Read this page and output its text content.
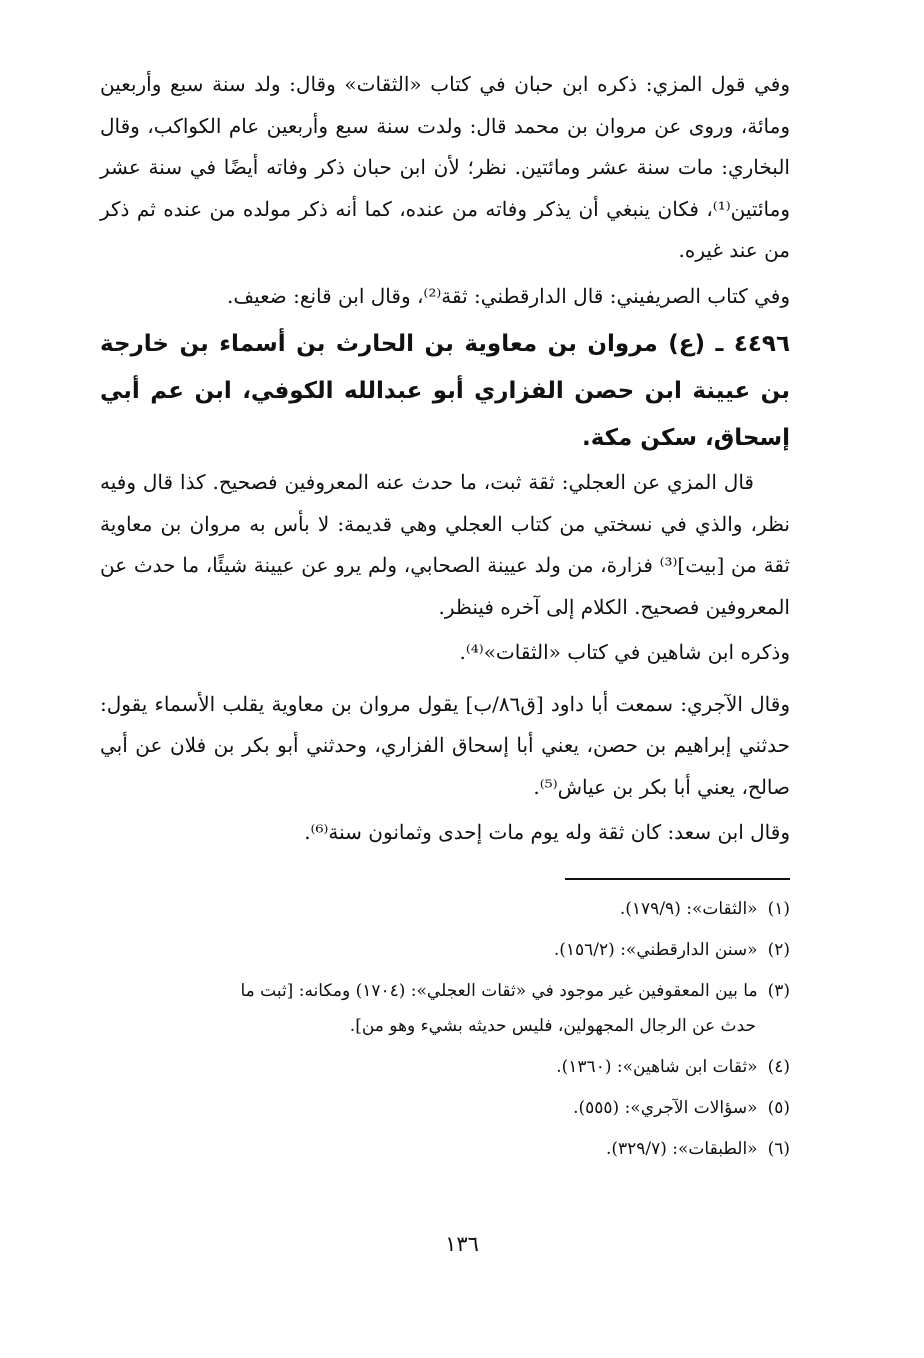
وفي قول المزي: ذكره ابن حبان في كتاب «الثقات» وقال: ولد سنة سبع وأربعين ومائة، وروى عن مروان بن محمد قال: ولدت سنة سبع وأربعين عام الكواكب، وقال البخاري: مات سنة عشر ومائتين. نظر؛ لأن ابن حبان ذكر وفاته أيضًا في سنة عشر ومائتين⁽¹⁾، فكان ينبغي أن يذكر وفاته من عنده، كما أنه ذكر مولده من عنده ثم ذكر من عند غيره.

وفي كتاب الصريفيني: قال الدارقطني: ثقة⁽²⁾، وقال ابن قانع: ضعيف.

٤٤٩٦ ـ (ع) مروان بن معاوية بن الحارث بن أسماء بن خارجة بن عيينة ابن حصن الفزاري أبو عبدالله الكوفي، ابن عم أبي إسحاق، سكن مكة.

قال المزي عن العجلي: ثقة ثبت، ما حدث عنه المعروفين فصحيح. كذا قال وفيه نظر، والذي في نسختي من كتاب العجلي وهي قديمة: لا بأس به مروان بن معاوية ثقة من [بيت]⁽³⁾ فزارة، من ولد عيينة الصحابي، ولم يرو عن عيينة شيئًا، ما حدث عن المعروفين فصحيح. الكلام إلى آخره فينظر.

وذكره ابن شاهين في كتاب «الثقات»⁽⁴⁾.

وقال الآجري: سمعت أبا داود [ق٨٦/ب] يقول مروان بن معاوية يقلب الأسماء يقول: حدثني إبراهيم بن حصن، يعني أبا إسحاق الفزاري، وحدثني أبو بكر بن فلان عن أبي صالح، يعني أبا بكر بن عياش⁽⁵⁾.

وقال ابن سعد: كان ثقة وله يوم مات إحدى وثمانون سنة⁽⁶⁾.

(١)«الثقات»: (١٧٩/٩).
(٢)«سنن الدارقطني»: (١٥٦/٢).
(٣)ما بين المعقوفين غير موجود في «ثقات العجلي»: (١٧٠٤) ومكانه: [ثبت ما
حدث عن الرجال المجهولين، فليس حديثه بشيء وهو من].
(٤)«ثقات ابن شاهين»: (١٣٦٠).
(٥)«سؤالات الآجري»: (٥٥٥).
(٦)«الطبقات»: (٣٢٩/٧).
١٣٦
